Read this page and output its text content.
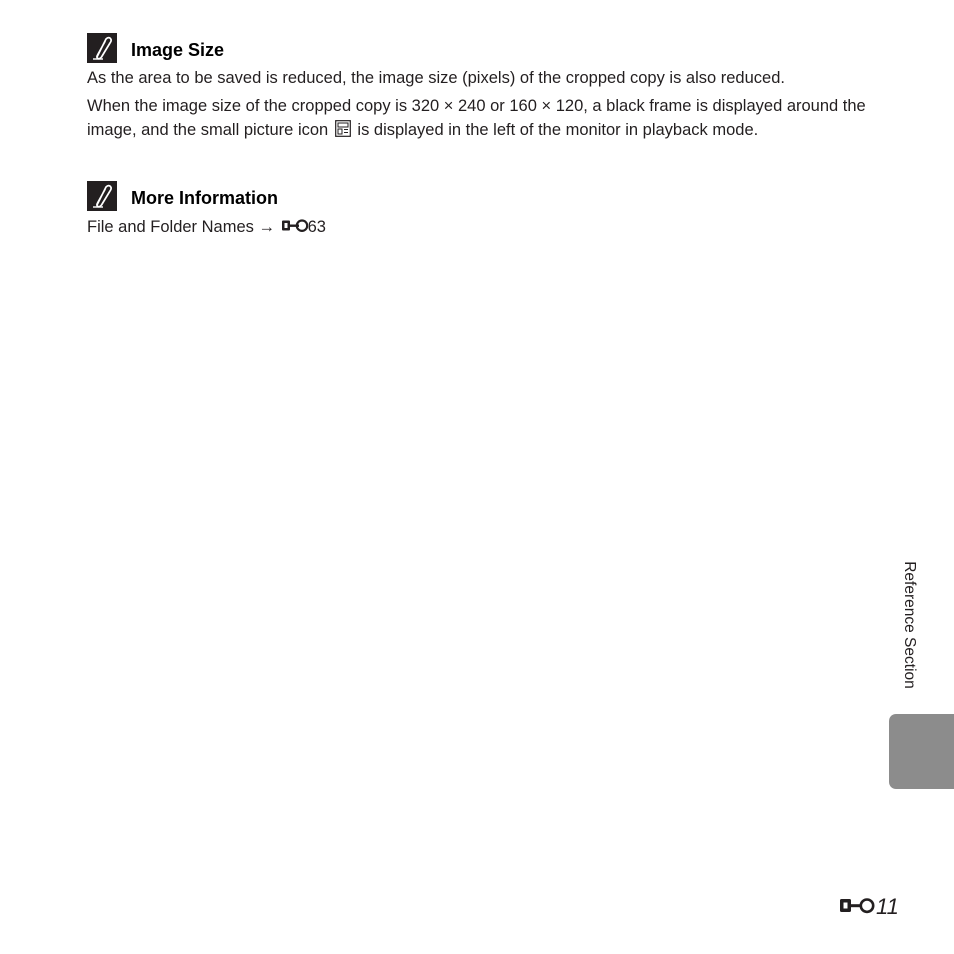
Image Size

As the area to be saved is reduced, the image size (pixels) of the cropped copy is also reduced.

When the image size of the cropped copy is 320 × 240 or 160 × 120, a black frame is displayed around the image, and the small picture icon is displayed in the left of the monitor in playback mode.

More Information

File and Folder Names → 63

Reference Section
11
